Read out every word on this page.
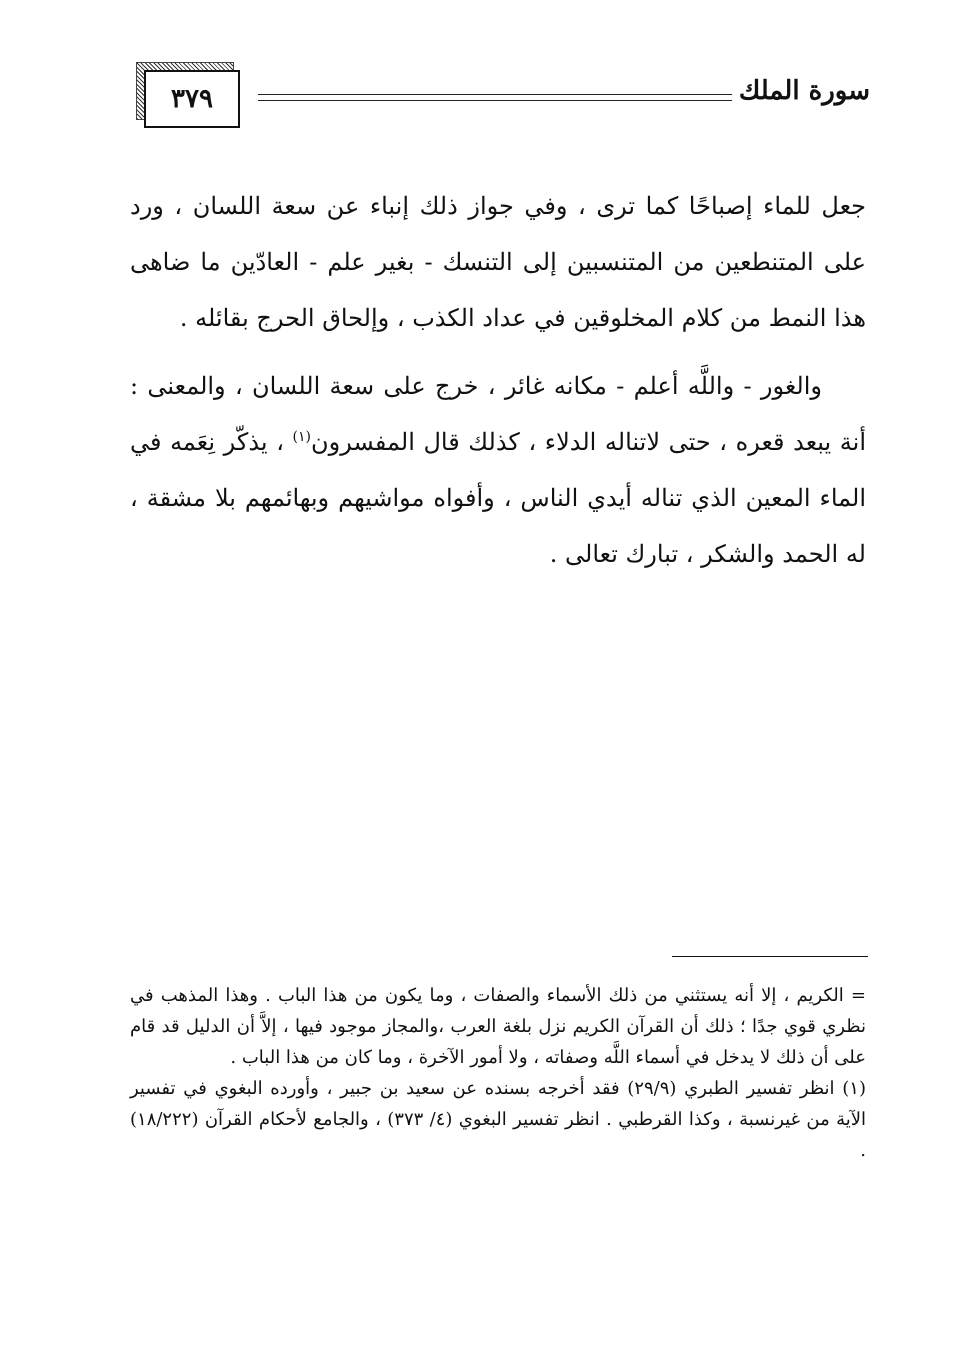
٣٧٩	سورة الملك

جعل للماء إصباحًا كما ترى ، وفي جواز ذلك إنباء عن سعة اللسان ، ورد على المتنطعين من المتنسبين إلى التنسك - بغير علم - العادّين ما ضاهى هذا النمط من كلام المخلوقين في عداد الكذب ، وإلحاق الحرج بقائله .

والغور - واللَّه أعلم - مكانه غائر ، خرج على سعة اللسان ، والمعنى : أنة يبعد قعره ، حتى لاتناله الدلاء ، كذلك قال المفسرون$^{(١)}$ ، يذكّر نِعَمه في الماء المعين الذي تناله أيدي الناس ، وأفواه مواشيهم وبهائمهم بلا مشقة ، له الحمد والشكر ، تبارك تعالى .

= الكريم ، إلا أنه يستثني من ذلك الأسماء والصفات ، وما يكون من هذا الباب . وهذا المذهب في نظري قوي جدًا ؛ ذلك أن القرآن الكريم نزل بلغة العرب ،والمجاز موجود فيها ، إلاَّ أن الدليل قد قام على أن ذلك لا يدخل في أسماء اللَّه وصفاته ، ولا أمور الآخرة ، وما كان من هذا الباب .

(١) انظر تفسير الطبري (٢٩/٩) فقد أخرجه بسنده عن سعيد بن جبير ، وأورده البغوي في تفسير الآية من غيرنسبة ، وكذا القرطبي . انظر تفسير البغوي (٤/ ٣٧٣) ، والجامع لأحكام القرآن (١٨/٢٢٢) .
